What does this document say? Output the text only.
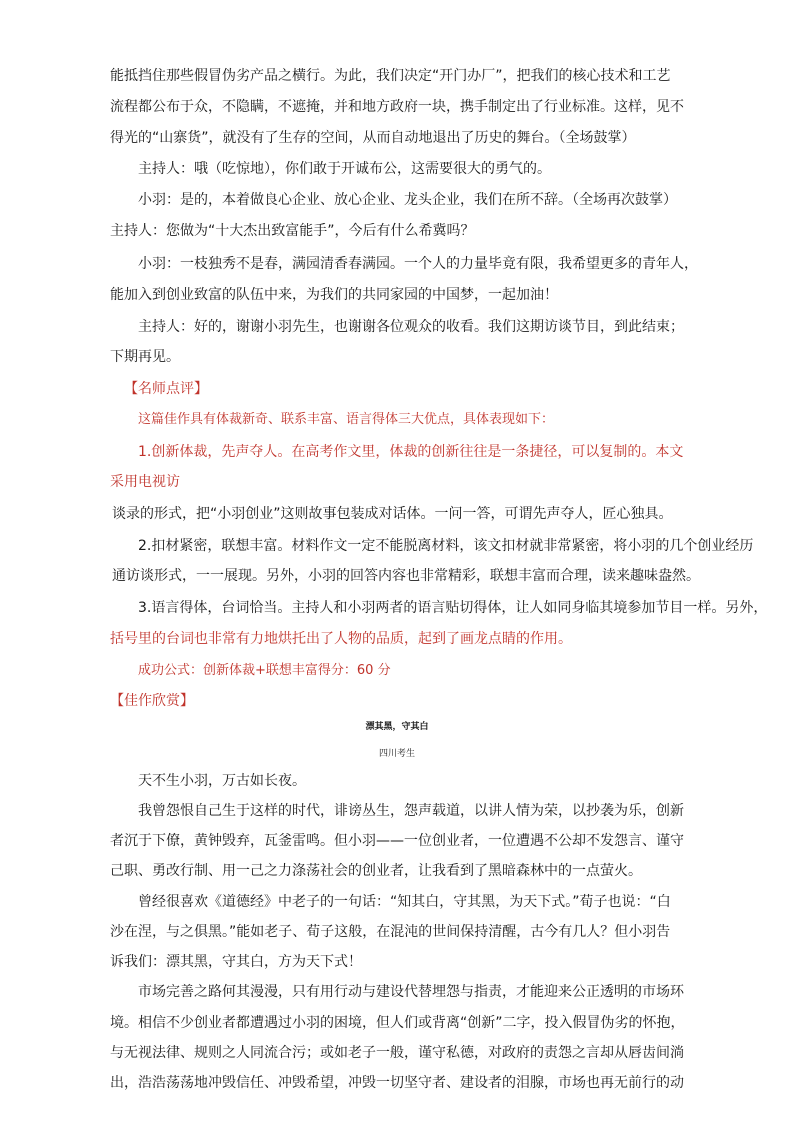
能抵挡住那些假冒伪劣产品之横行。为此，我们决定“开门办厂”，把我们的核心技术和工艺

流程都公布于众，不隐瞒，不遮掩，并和地方政府一块，携手制定出了行业标准。这样，见不

得光的“山寨货”，就没有了生存的空间，从而自动地退出了历史的舞台。（全场鼓掌）

主持人：哦（吃惊地），你们敢于开诚布公，这需要很大的勇气的。

小羽：是的，本着做良心企业、放心企业、龙头企业，我们在所不辞。（全场再次鼓掌）

主持人：您做为“十大杰出致富能手”，今后有什么希冀吗？

小羽：一枝独秀不是春，满园清香春满园。一个人的力量毕竟有限，我希望更多的青年人，

能加入到创业致富的队伍中来，为我们的共同家园的中国梦，一起加油！

主持人：好的，谢谢小羽先生，也谢谢各位观众的收看。我们这期访谈节目，到此结束；

下期再见。

【名师点评】

这篇佳作具有体裁新奇、联系丰富、语言得体三大优点，具体表现如下：

1.创新体裁，先声夺人。在高考作文里，体裁的创新往往是一条捷径，可以复制的。本文

采用电视访

谈录的形式，把“小羽创业”这则故事包装成对话体。一问一答，可谓先声夺人，匠心独具。

2.扣材紧密，联想丰富。材料作文一定不能脱离材料，该文扣材就非常紧密，将小羽的几个创业经历

通访谈形式，一一展现。另外，小羽的回答内容也非常精彩，联想丰富而合理，读来趣味盎然。

3.语言得体，台词恰当。主持人和小羽两者的语言贴切得体，让人如同身临其境参加节目一样。另外，

括号里的台词也非常有力地烘托出了人物的品质，起到了画龙点睛的作用。

成功公式：创新体裁+联想丰富得分：60 分

【佳作欣赏】

漂其黑，守其白

四川考生

天不生小羽，万古如长夜。

我曾怨恨自己生于这样的时代，诽谤丛生，怨声载道，以讲人情为荣，以抄袭为乐，创新

者沉于下僚，黄钟毁弃，瓦釜雷鸣。但小羽——一位创业者，一位遭遇不公却不发怨言、谨守

己职、勇改行制、用一己之力涤荡社会的创业者，让我看到了黑暗森林中的一点萤火。

曾经很喜欢《道德经》中老子的一句话：“知其白，守其黑，为天下式。”荀子也说：“白

沙在涅，与之俱黑。”能如老子、荀子这般，在混沌的世间保持清醒，古今有几人？但小羽告

诉我们：漂其黑，守其白，方为天下式！

市场完善之路何其漫漫，只有用行动与建设代替埋怨与指责，才能迎来公正透明的市场环

境。相信不少创业者都遭遇过小羽的困境，但人们或背离“创新”二字，投入假冒伪劣的怀抱，

与无视法律、规则之人同流合污；或如老子一般，谨守私德，对政府的责怨之言却从唇齿间淌

出，浩浩荡荡地冲毁信任、冲毁希望，冲毁一切坚守者、建设者的泪腺，市场也再无前行的动
